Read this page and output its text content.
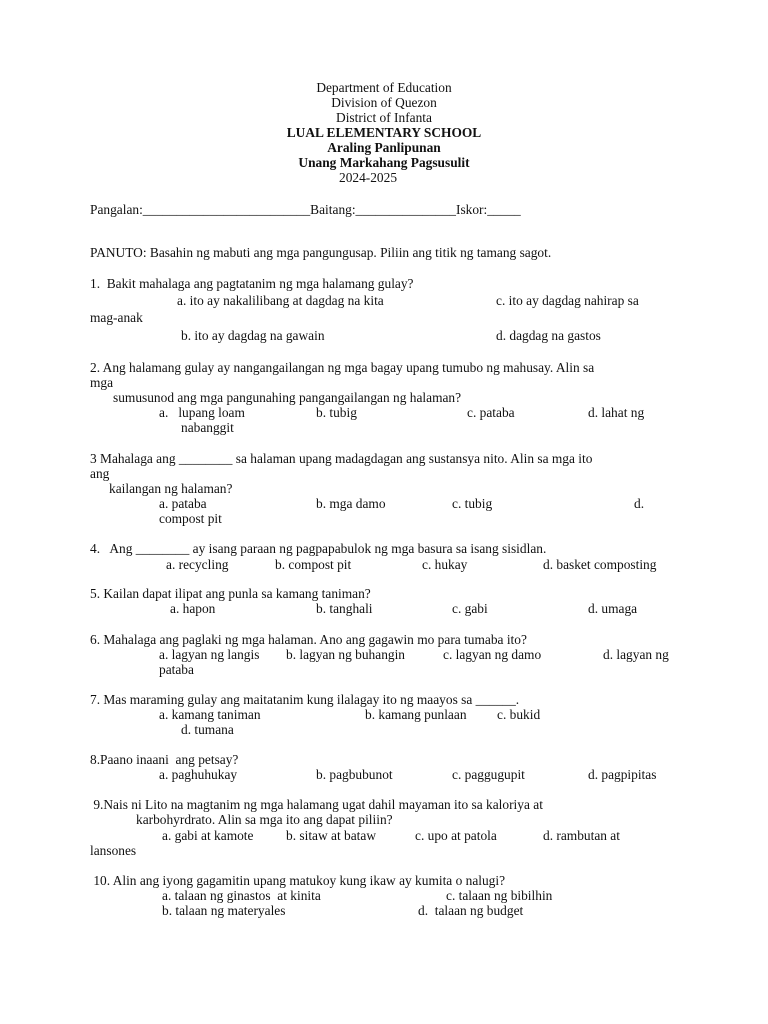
Department of Education
Division of Quezon
District of Infanta
LUAL ELEMENTARY SCHOOL
Araling Panlipunan
Unang Markahang Pagsusulit
2024-2025
Pangalan:_________________________Baitang:_______________Iskor:_____
PANUTO: Basahin ng mabuti ang mga pangungusap. Piliin ang titik ng tamang sagot.
1.  Bakit mahalaga ang pagtatanim ng mga halamang gulay?
a. ito ay nakalilibang at dagdag na kita	c. ito ay dagdag nahirap sa
mag-anak
b. ito ay dagdag na gawain	d. dagdag na gastos
2. Ang halamang gulay ay nangangailangan ng mga bagay upang tumubo ng mahusay. Alin sa
mga
sumusunod ang mga pangunahing pangangailangan ng halaman?
a.   lupang loam	b. tubig	c. pataba	d. lahat ng
nabanggit
3 Mahalaga ang ________ sa halaman upang madagdagan ang sustansya nito. Alin sa mga ito
ang
kailangan ng halaman?
a. pataba	b. mga damo	c. tubig	d.
compost pit
4.   Ang ________ ay isang paraan ng pagpapabulok ng mga basura sa isang sisidlan.
a. recycling	b. compost pit	c. hukay	d. basket composting
5. Kailan dapat ilipat ang punla sa kamang taniman?
a. hapon	b. tanghali	c. gabi	d. umaga
6. Mahalaga ang paglaki ng mga halaman. Ano ang gagawin mo para tumaba ito?
a. lagyan ng langis b. lagyan ng buhangin	c. lagyan ng damo	d. lagyan ng
pataba
7. Mas maraming gulay ang maitatanim kung ilalagay ito ng maayos sa ______.
a. kamang taniman	b. kamang punlaan c. bukid
d. tumana
8.Paano inaani  ang petsay?
a. paghuhukay	b. pagbubunot	c. paggugupit	d. pagpipitas
9.Nais ni Lito na magtanim ng mga halamang ugat dahil mayaman ito sa kaloriya at
karbohyrdrato. Alin sa mga ito ang dapat piliin?
a. gabi at kamote b. sitaw at bataw	c. upo at patola	d. rambutan at
lansones
10. Alin ang iyong gagamitin upang matukoy kung ikaw ay kumita o nalugi?
a. talaan ng ginastos  at kinita	c. talaan ng bibilhin
b. talaan ng materyales	d.  talaan ng budget
